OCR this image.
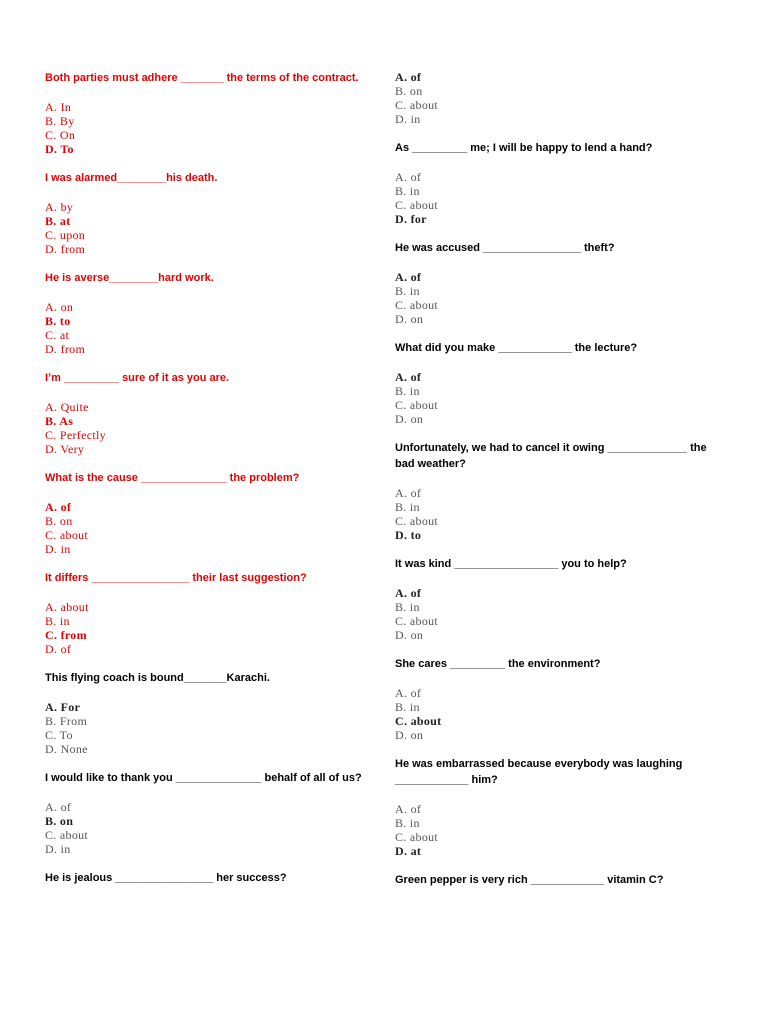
Both parties must adhere _______ the terms of the contract.
A. In
B. By
C. On
D. To
I was alarmed________his death.
A. by
B. at
C. upon
D. from
He is averse________hard work.
A. on
B. to
C. at
D. from
I’m _________ sure of it as you are.
A. Quite
B. As
C. Perfectly
D. Very
What is the cause ______________ the problem?
A. of
B. on
C. about
D. in
It differs ________________ their last suggestion?
A. about
B. in
C. from
D. of
This flying coach is bound_______Karachi.
A. For
B. From
C. To
D. None
I would like to thank you ______________ behalf of all of us?
A. of
B. on
C. about
D. in
He is jealous ________________ her success?
A. of
B. on
C. about
D. in
As _________ me; I will be happy to lend a hand?
A. of
B. in
C. about
D. for
He was accused ________________ theft?
A. of
B. in
C. about
D. on
What did you make ____________ the lecture?
A. of
B. in
C. about
D. on
Unfortunately, we had to cancel it owing _____________ the bad weather?
A. of
B. in
C. about
D. to
It was kind _________________ you to help?
A. of
B. in
C. about
D. on
She cares _________ the environment?
A. of
B. in
C. about
D. on
He was embarrassed because everybody was laughing ____________ him?
A. of
B. in
C. about
D. at
Green pepper is very rich ____________ vitamin C?
